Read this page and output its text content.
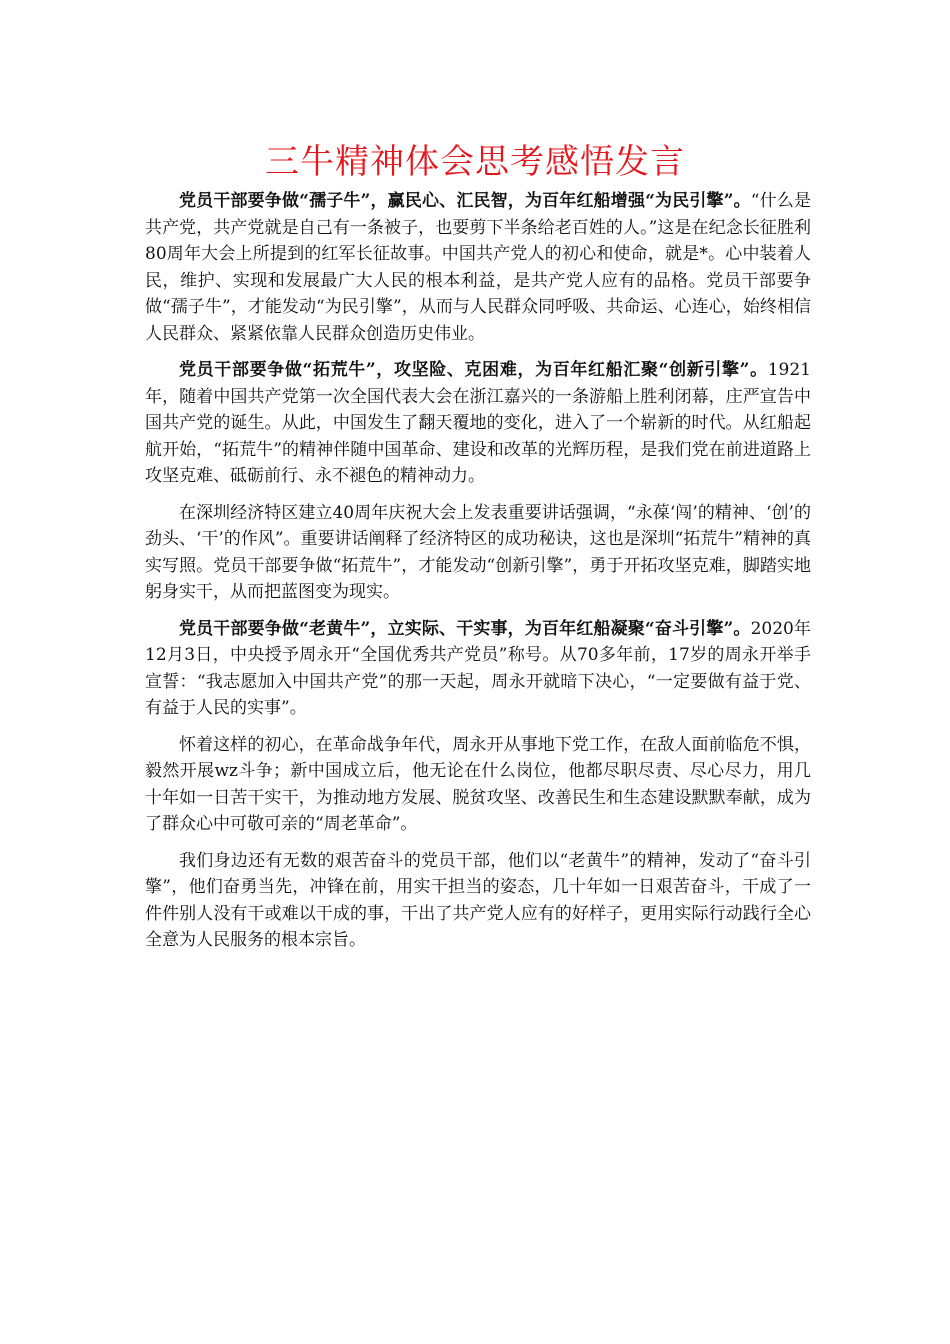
三牛精神体会思考感悟发言

党员干部要争做“孺子牛”，赢民心、汇民智，为百年红船增强“为民引擎”。“什么是共产党，共产党就是自己有一条被子，也要剪下半条给老百姓的人。”这是在纪念长征胜利80周年大会上所提到的红军长征故事。中国共产党人的初心和使命，就是*。心中装着人民，维护、实现和发展最广大人民的根本利益，是共产党人应有的品格。党员干部要争做“孺子牛”，才能发动“为民引擎”，从而与人民群众同呼吸、共命运、心连心，始终相信人民群众、紧紧依靠人民群众创造历史伟业。

党员干部要争做“拓荒牛”，攻坚险、克困难，为百年红船汇聚“创新引擎”。1921年，随着中国共产党第一次全国代表大会在浙江嘉兴的一条游船上胜利闭幕，庄严宣告中国共产党的诞生。从此，中国发生了翻天覆地的变化，进入了一个崭新的时代。从红船起航开始，“拓荒牛”的精神伴随中国革命、建设和改革的光辉历程，是我们党在前进道路上攻坚克难、砥砺前行、永不褪色的精神动力。

在深圳经济特区建立40周年庆祝大会上发表重要讲话强调，“永葆‘闯’的精神、‘创’的劲头、‘干’的作风”。重要讲话阐释了经济特区的成功秘诀，这也是深圳“拓荒牛”精神的真实写照。党员干部要争做“拓荒牛”，才能发动“创新引擎”，勇于开拓攻坚克难，脚踏实地躬身实干，从而把蓝图变为现实。

党员干部要争做“老黄牛”，立实际、干实事，为百年红船凝聚“奋斗引擎”。2020年12月3日，中央授予周永开“全国优秀共产党员”称号。从70多年前，17岁的周永开举手宣誓：“我志愿加入中国共产党”的那一天起，周永开就暗下决心，“一定要做有益于党、有益于人民的实事”。

怀着这样的初心，在革命战争年代，周永开从事地下党工作，在敌人面前临危不惧，毅然开展wz斗争；新中国成立后，他无论在什么岗位，他都尽职尽责、尽心尽力，用几十年如一日苦干实干，为推动地方发展、脱贫攻坚、改善民生和生态建设默默奉献，成为了群众心中可敬可亲的“周老革命”。

我们身边还有无数的艰苦奋斗的党员干部，他们以“老黄牛”的精神，发动了“奋斗引擎”，他们奋勇当先，冲锋在前，用实干担当的姿态，几十年如一日艰苦奋斗，干成了一件件别人没有干或难以干成的事，干出了共产党人应有的好样子，更用实际行动践行全心全意为人民服务的根本宗旨。
